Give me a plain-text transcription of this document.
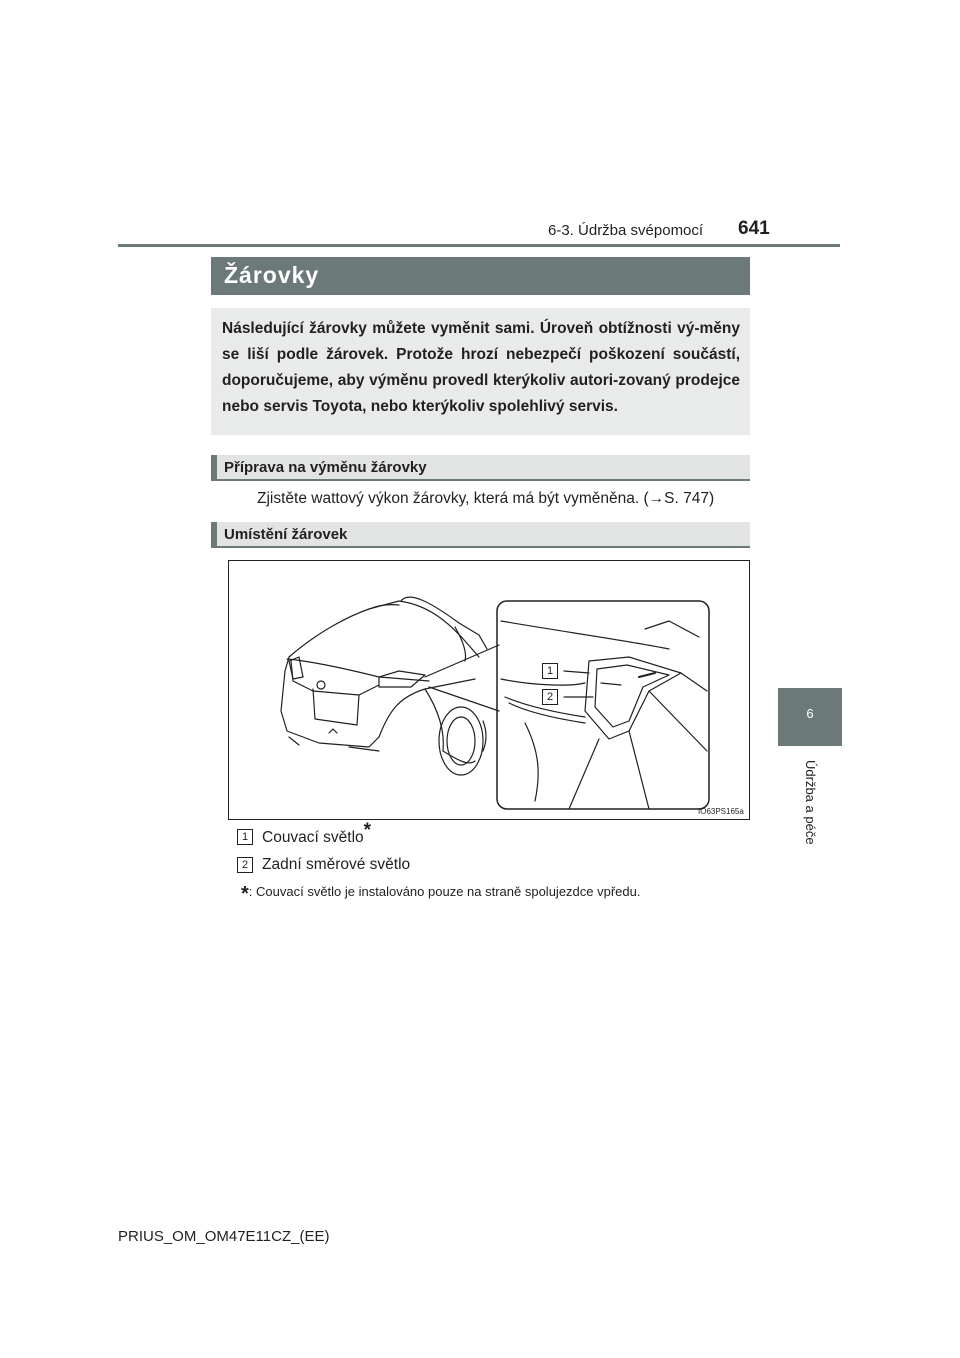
6-3. Údržba svépomocí 641
6
Údržba a péče
Žárovky
Následující žárovky můžete vyměnit sami. Úroveň obtížnosti vý-měny se liší podle žárovek. Protože hrozí nebezpečí poškození součástí, doporučujeme, aby výměnu provedl kterýkoliv autori-zovaný prodejce nebo servis Toyota, nebo kterýkoliv spolehlivý servis.
Příprava na výměnu žárovky
Zjistěte wattový výkon žárovky, která má být vyměněna. (→S. 747)
Umístění žárovek
1
2
IO63PS165a
1 Couvací světlo*
2 Zadní směrové světlo
*: Couvací světlo je instalováno pouze na straně spolujezdce vpředu.
PRIUS_OM_OM47E11CZ_(EE)
